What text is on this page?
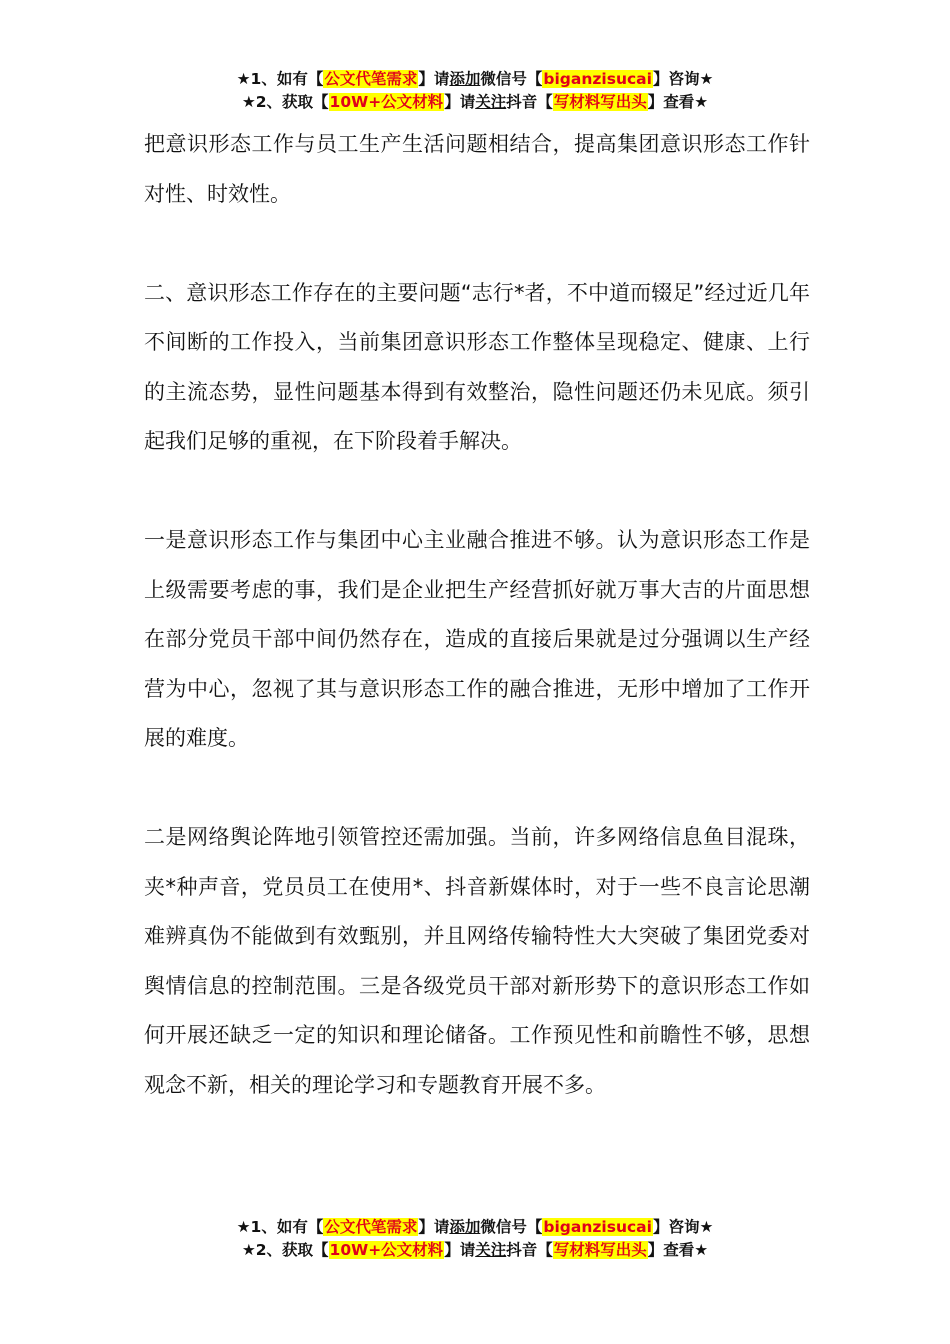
★1、如有【公文代笔需求】请添加微信号【biganzisucai】咨询★
★2、获取【10W+公文材料】请关注抖音【写材料写出头】查看★

把意识形态工作与员工生产生活问题相结合，提高集团意识形态工作针对性、时效性。

二、意识形态工作存在的主要问题“志行*者，不中道而辍足”经过近几年不间断的工作投入，当前集团意识形态工作整体呈现稳定、健康、上行的主流态势，显性问题基本得到有效整治，隐性问题还仍未见底。须引起我们足够的重视，在下阶段着手解决。

一是意识形态工作与集团中心主业融合推进不够。认为意识形态工作是上级需要考虑的事，我们是企业把生产经营抓好就万事大吉的片面思想在部分党员干部中间仍然存在，造成的直接后果就是过分强调以生产经营为中心，忽视了其与意识形态工作的融合推进，无形中增加了工作开展的难度。

二是网络舆论阵地引领管控还需加强。当前，许多网络信息鱼目混珠，夹*种声音，党员员工在使用*、抖音新媒体时，对于一些不良言论思潮难辨真伪不能做到有效甄别，并且网络传输特性大大突破了集团党委对舆情信息的控制范围。三是各级党员干部对新形势下的意识形态工作如何开展还缺乏一定的知识和理论储备。工作预见性和前瞻性不够，思想观念不新，相关的理论学习和专题教育开展不多。

★1、如有【公文代笔需求】请添加微信号【biganzisucai】咨询★
★2、获取【10W+公文材料】请关注抖音【写材料写出头】查看★
